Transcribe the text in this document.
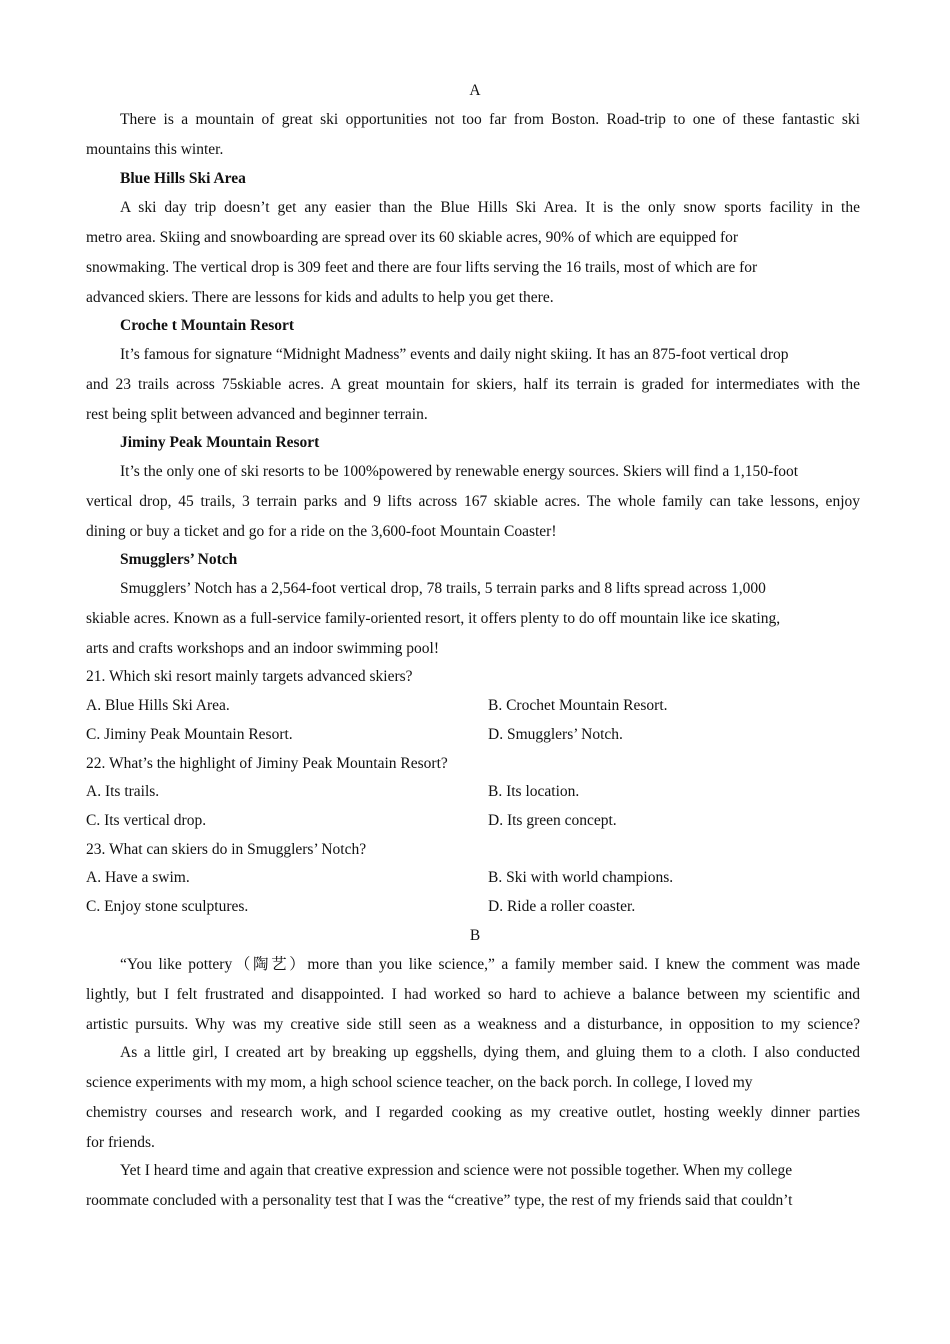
A
There is a mountain of great ski opportunities not too far from Boston. Road-trip to one of these fantastic ski
mountains this winter.
Blue Hills Ski Area
A ski day trip doesn’t get any easier than the Blue Hills Ski Area. It is the only snow sports facility in the
metro area. Skiing and snowboarding are spread over its 60 skiable acres, 90% of which are equipped for
snowmaking. The vertical drop is 309 feet and there are four lifts serving the 16 trails, most of which are for
advanced skiers. There are lessons for kids and adults to help you get there.
Croche t Mountain Resort
It’s famous for signature “Midnight Madness” events and daily night skiing. It has an 875-foot vertical drop
and 23 trails across 75skiable acres. A great mountain for skiers, half its terrain is graded for intermediates with the
rest being split between advanced and beginner terrain.
Jiminy Peak Mountain Resort
It’s the only one of ski resorts to be 100%powered by renewable energy sources. Skiers will find a 1,150-foot
vertical drop, 45 trails, 3 terrain parks and 9 lifts across 167 skiable acres. The whole family can take lessons, enjoy
dining or buy a ticket and go for a ride on the 3,600-foot Mountain Coaster!
Smugglers’ Notch
Smugglers’ Notch has a 2,564-foot vertical drop, 78 trails, 5 terrain parks and 8 lifts spread across 1,000
skiable acres. Known as a full-service family-oriented resort, it offers plenty to do off mountain like ice skating,
arts and crafts workshops and an indoor swimming pool!
21. Which ski resort mainly targets advanced skiers?
A. Blue Hills Ski Area.	B. Crochet Mountain Resort.
C. Jiminy Peak Mountain Resort.	D. Smugglers’ Notch.
22. What’s the highlight of Jiminy Peak Mountain Resort?
A. Its trails.	B. Its location.
C. Its vertical drop.	D. Its green concept.
23. What can skiers do in Smugglers’ Notch?
A. Have a swim.	B. Ski with world champions.
C. Enjoy stone sculptures.	D. Ride a roller coaster.
B
“You like pottery（陶艺）more than you like science,” a family member said. I knew the comment was made
lightly, but I felt frustrated and disappointed. I had worked so hard to achieve a balance between my scientific and
artistic pursuits. Why was my creative side still seen as a weakness and a disturbance, in opposition to my science?
As a little girl, I created art by breaking up eggshells, dying them, and gluing them to a cloth. I also conducted
science experiments with my mom, a high school science teacher, on the back porch. In college, I loved my
chemistry courses and research work, and I regarded cooking as my creative outlet, hosting weekly dinner parties
for friends.
Yet I heard time and again that creative expression and science were not possible together. When my college
roommate concluded with a personality test that I was the “creative” type, the rest of my friends said that couldn’t
